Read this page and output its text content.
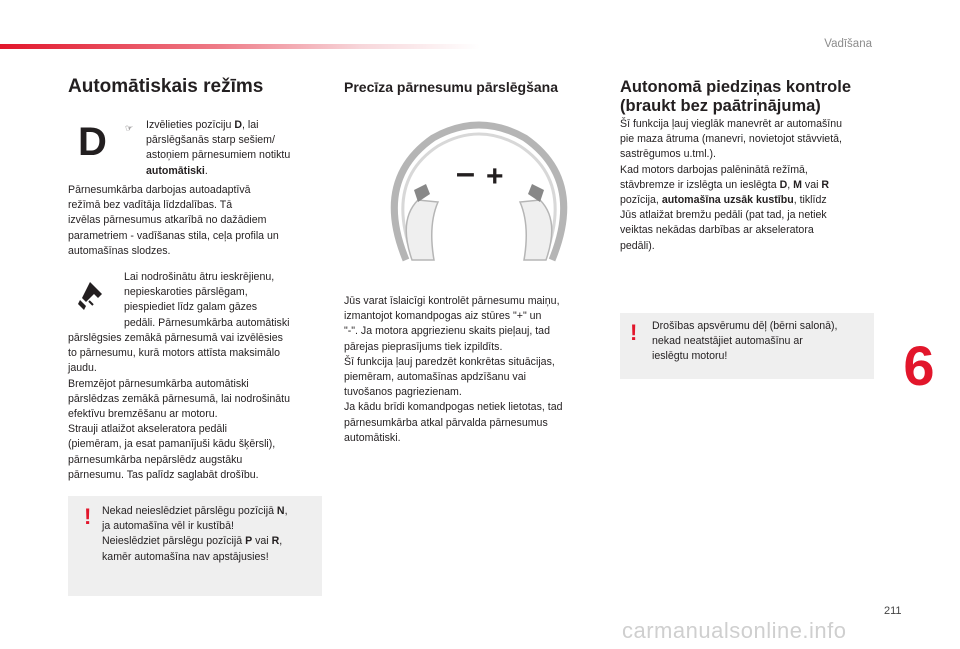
Vadīšana
Automātiskais režīms
D ☞ Izvēlieties pozīciju D, lai
pārslēgšanās starp sešiem/
astoņiem pārnesumiem notiktu
automātiski.
Pārnesumkārba darbojas autoadaptīvā
režīmā bez vadītāja līdzdalības. Tā
izvēlas pārnesumus atkarībā no dažādiem
parametriem - vadīšanas stila, ceļa profila un
automašīnas slodzes.
Lai nodrošinātu ātru ieskrējienu,
nepieskaroties pārslēgam,
piespiediet līdz galam gāzes
pedāli. Pārnesumkārba automātiski
pārslēgsies zemākā pārnesumā vai izvēlēsies
to pārnesumu, kurā motors attīsta maksimālo
jaudu.
Bremzējot pārnesumkārba automātiski
pārslēdzas zemākā pārnesumā, lai nodrošinātu
efektīvu bremzēšanu ar motoru.
Strauji atlaižot akseleratora pedāli
(piemēram, ja esat pamanījuši kādu šķērsli),
pārnesumkārba nepārslēdz augstāku
pārnesumu. Tas palīdz saglabāt drošību.
! Nekad neieslēdziet pārslēgu pozīcijā N,
ja automašīna vēl ir kustībā!
Neieslēdziet pārslēgu pozīcijā P vai R,
kamēr automašīna nav apstājusies!
Precīza pārnesumu pārslēgšana
– +
Jūs varat īslaicīgi kontrolēt pārnesumu maiņu,
izmantojot komandpogas aiz stūres "+" un
"-". Ja motora apgriezienu skaits pieļauj, tad
pārejas pieprasījums tiek izpildīts.
Šī funkcija ļauj paredzēt konkrētas situācijas,
piemēram, automašīnas apdzīšanu vai
tuvošanos pagriezienam.
Ja kādu brīdi komandpogas netiek lietotas, tad
pārnesumkārba atkal pārvalda pārnesumus
automātiski.
Autonomā piedziņas kontrole
(braukt bez paātrinājuma)
Šī funkcija ļauj vieglāk manevrēt ar automašīnu
pie maza ātruma (manevri, novietojot stāvvietā,
sastrēgumos u.tml.).
Kad motors darbojas palēninātā režīmā,
stāvbremze ir izslēgta un ieslēgta D, M vai R
pozīcija, automašīna uzsāk kustību, tiklīdz
Jūs atlaižat bremžu pedāli (pat tad, ja netiek
veiktas nekādas darbības ar akseleratora
pedāli).
! Drošības apsvērumu dēļ (bērni salonā),
nekad neatstājiet automašīnu ar
ieslēgtu motoru!	6
211
carmanualsonline.info
